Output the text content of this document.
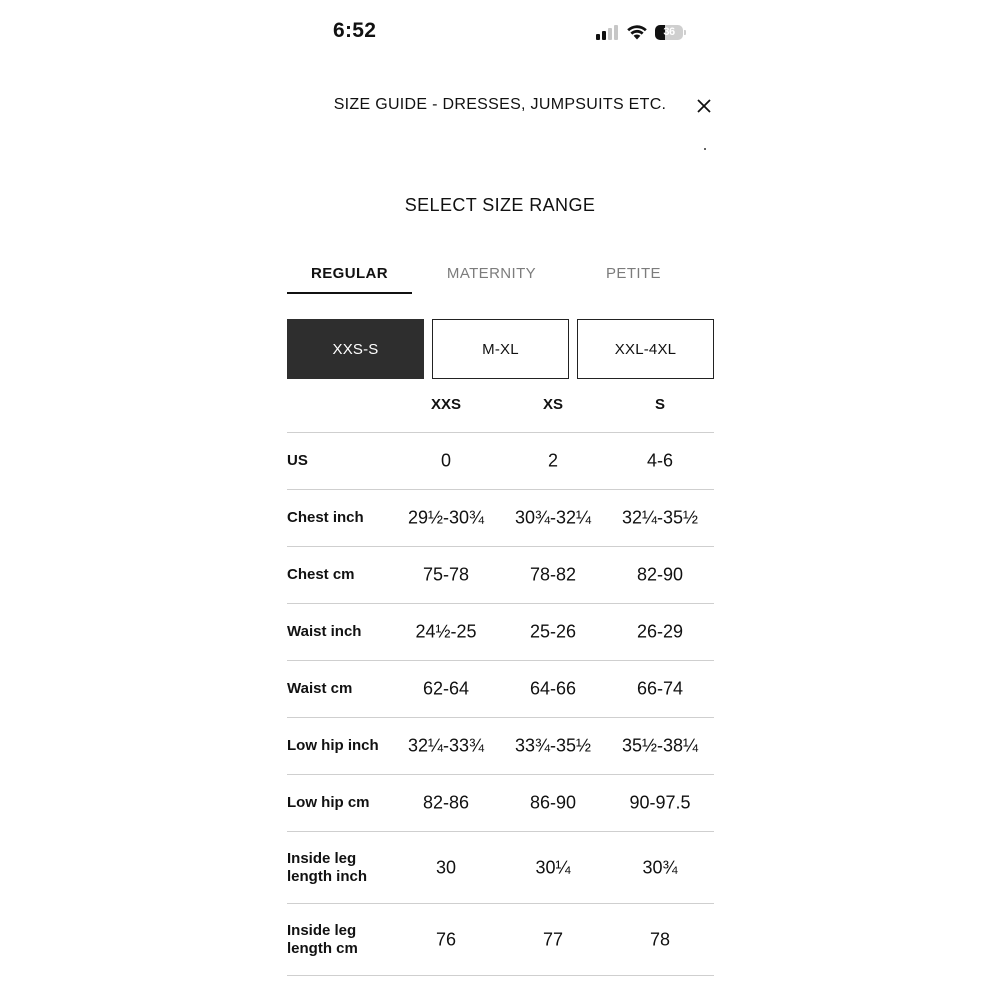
6:52	36
SIZE GUIDE - DRESSES, JUMPSUITS ETC.
SELECT SIZE RANGE
REGULAR	MATERNITY	PETITE
XXS-S	M-XL	XXL-4XL
XXS	XS	S
US	0	2	4-6
Chest inch	29½-30¾	30¾-32¼	32¼-35½
Chest cm	75-78	78-82	82-90
Waist inch	24½-25	25-26	26-29
Waist cm	62-64	64-66	66-74
Low hip inch	32¼-33¾	33¾-35½	35½-38¼
Low hip cm	82-86	86-90	90-97.5
Inside leg length inch	30	30¼	30¾
Inside leg length cm	76	77	78
